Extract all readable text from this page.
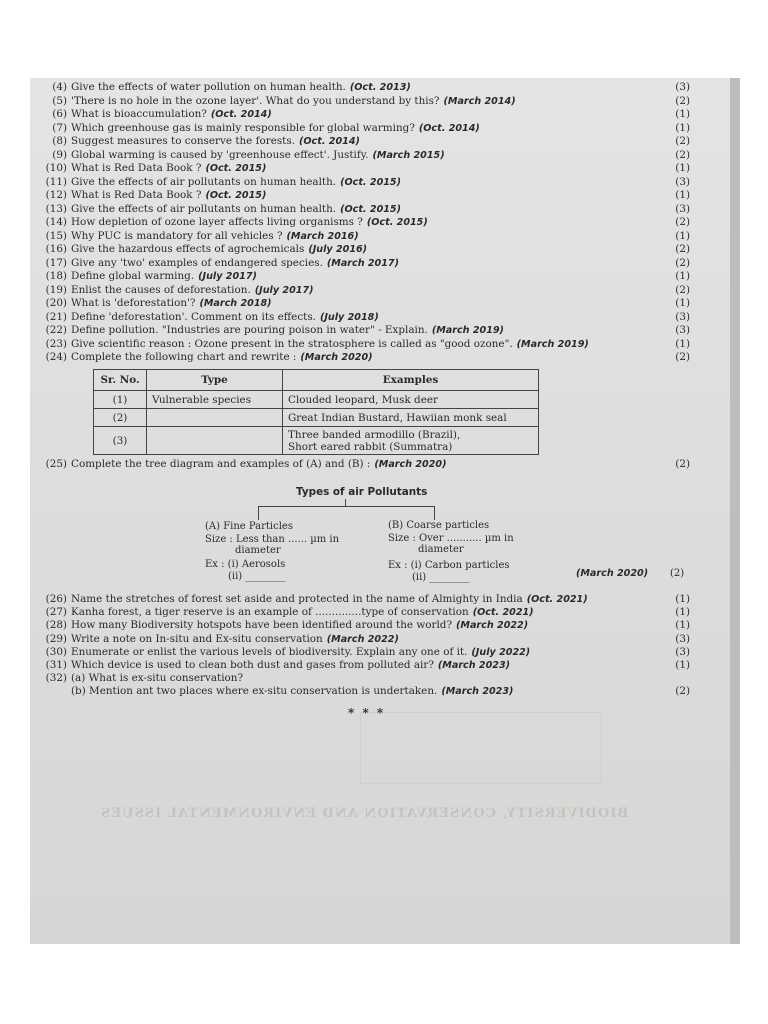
BIODIVERSITY, CONSERVATION AND ENVIRONMENTAL ISSUES
(4) Give the effects of water pollution on human health. (Oct. 2013)	(3)
(5) 'There is no hole in the ozone layer'. What do you understand by this? (March 2014)	(2)
(6) What is bioaccumulation? (Oct. 2014)	(1)
(7) Which greenhouse gas is mainly responsible for global warming? (Oct. 2014)	(1)
(8) Suggest measures to conserve the forests. (Oct. 2014)	(2)
(9) Global warming is caused by 'greenhouse effect'. Justify. (March 2015)	(2)
(10) What is Red Data Book ? (Oct. 2015)	(1)
(11) Give the effects of air pollutants on human health. (Oct. 2015)	(3)
(12) What is Red Data Book ? (Oct. 2015)	(1)
(13) Give the effects of air pollutants on human health. (Oct. 2015)	(3)
(14) How depletion of ozone layer affects living organisms ? (Oct. 2015)	(2)
(15) Why PUC is mandatory for all vehicles ? (March 2016)	(1)
(16) Give the hazardous effects of agrochemicals (July 2016)	(2)
(17) Give any 'two' examples of endangered species. (March 2017)	(2)
(18) Define global warming. (July 2017)	(1)
(19) Enlist the causes of deforestation. (July 2017)	(2)
(20) What is 'deforestation'? (March 2018)	(1)
(21) Define 'deforestation'. Comment on its effects. (July 2018)	(3)
(22) Define pollution. "Industries are pouring poison in water" - Explain. (March 2019)	(3)
(23) Give scientific reason : Ozone present in the stratosphere is called as "good ozone". (March 2019)	(1)
(24) Complete the following chart and rewrite : (March 2020)	(2)
Sr. No.	Type	Examples
(1)	Vulnerable species	Clouded leopard, Musk deer
(2)		Great Indian Bustard, Hawiian monk seal
(3)		Three banded armodillo (Brazil),
Short eared rabbit (Summatra)
(25) Complete the tree diagram and examples of (A) and (B) : (March 2020)	(2)
Types of air Pollutants
(A) Fine Particles
Size : Less than ...... µm in
diameter
Ex : (i) Aerosols
(ii) ________
(B) Coarse particles
Size : Over ........... µm in
diameter
Ex : (i) Carbon particles
(ii) ________	(March 2020) (2)
(26) Name the stretches of forest set aside and protected in the name of Almighty in India (Oct. 2021)	(1)
(27) Kanha forest, a tiger reserve is an example of ..............type of conservation (Oct. 2021)	(1)
(28) How many Biodiversity hotspots have been identified around the world? (March 2022)	(1)
(29) Write a note on In-situ and Ex-situ conservation (March 2022)	(3)
(30) Enumerate or enlist the various levels of biodiversity. Explain any one of it. (July 2022)	(3)
(31) Which device is used to clean both dust and gases from polluted air? (March 2023)	(1)
(32) (a) What is ex-situ conservation?
(b) Mention ant two places where ex-situ conservation is undertaken. (March 2023)	(2)
* * *
